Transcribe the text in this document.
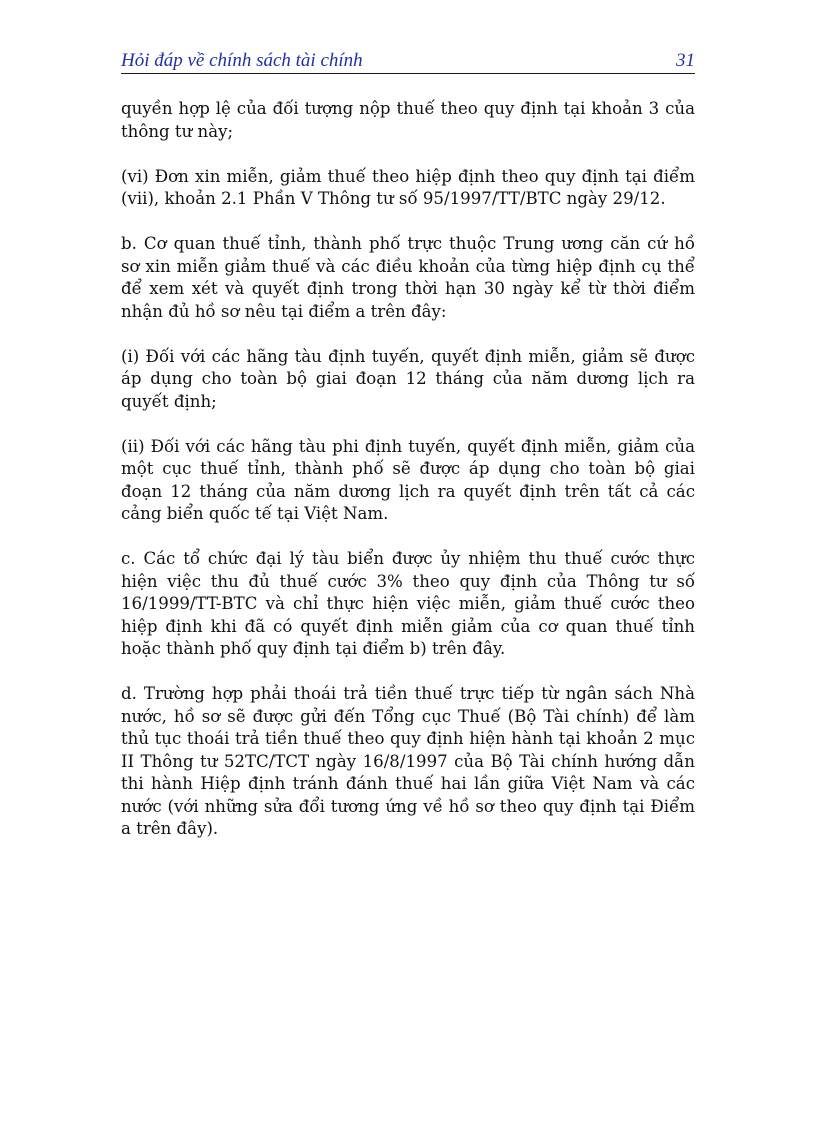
Hỏi đáp về chính sách tài chính	31

quyền hợp lệ của đối tượng nộp thuế theo quy định tại khoản 3 của thông tư này;

(vi) Đơn xin miễn, giảm thuế theo hiệp định theo quy định tại điểm (vii), khoản 2.1 Phần V Thông tư số 95/1997/TT/BTC ngày 29/12.

b. Cơ quan thuế tỉnh, thành phố trực thuộc Trung ương căn cứ hồ sơ xin miễn giảm thuế và các điều khoản của từng hiệp định cụ thể để xem xét và quyết định trong thời hạn 30 ngày kể từ thời điểm nhận đủ hồ sơ nêu tại điểm a trên đây:

(i) Đối với các hãng tàu định tuyến, quyết định miễn, giảm sẽ được áp dụng cho toàn bộ giai đoạn 12 tháng của năm dương lịch ra quyết định;

(ii) Đối với các hãng tàu phi định tuyến, quyết định miễn, giảm của một cục thuế tỉnh, thành phố sẽ được áp dụng cho toàn bộ giai đoạn 12 tháng của năm dương lịch ra quyết định trên tất cả các cảng biển quốc tế tại Việt Nam.

c. Các tổ chức đại lý tàu biển được ủy nhiệm thu thuế cước thực hiện việc thu đủ thuế cước 3% theo quy định của Thông tư số 16/1999/TT-BTC và chỉ thực hiện việc miễn, giảm thuế cước theo hiệp định khi đã có quyết định miễn giảm của cơ quan thuế tỉnh hoặc thành phố quy định tại điểm b) trên đây.

d. Trường hợp phải thoái trả tiền thuế trực tiếp từ ngân sách Nhà nước, hồ sơ sẽ được gửi đến Tổng cục Thuế (Bộ Tài chính) để làm thủ tục thoái trả tiền thuế theo quy định hiện hành tại khoản 2 mục II Thông tư 52TC/TCT ngày 16/8/1997 của Bộ Tài chính hướng dẫn thi hành Hiệp định tránh đánh thuế hai lần giữa Việt Nam và các nước (với những sửa đổi tương ứng về hồ sơ theo quy định tại Điểm a trên đây).
